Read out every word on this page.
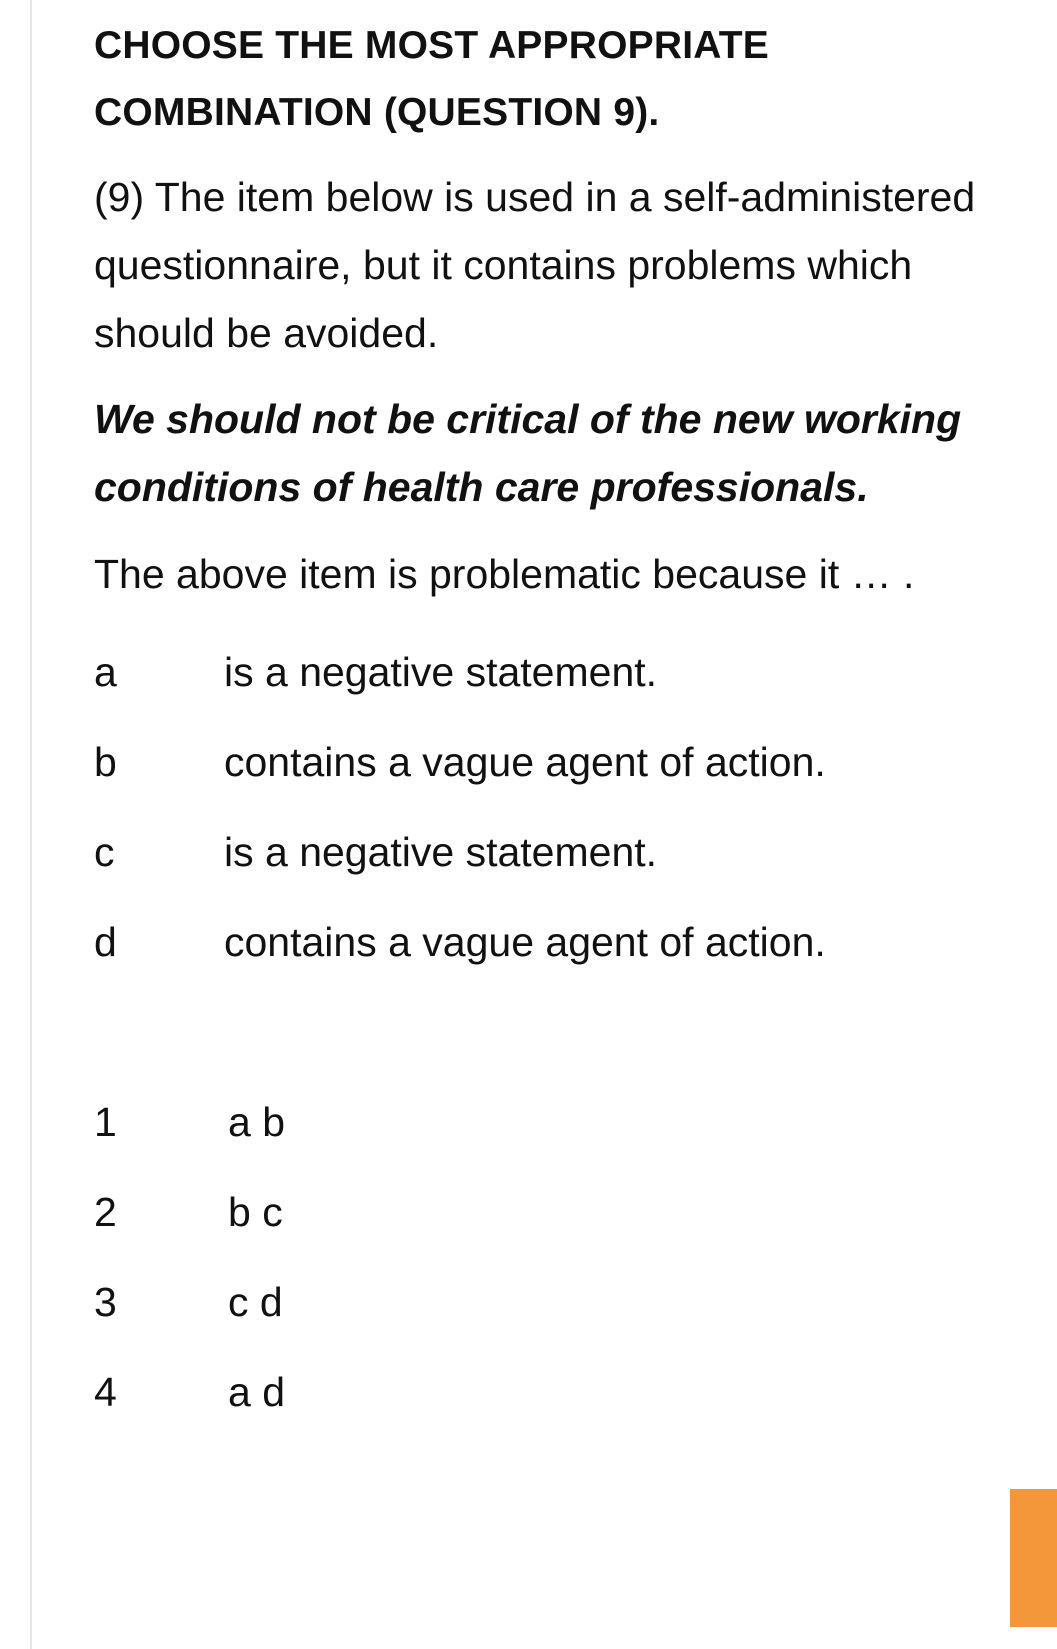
CHOOSE THE MOST APPROPRIATE
COMBINATION (QUESTION 9).

(9) The item below is used in a self-administered questionnaire, but it contains problems which should be avoided.

We should not be critical of the new working conditions of health care professionals.

The above item is problematic because it … .

a	is a negative statement.
b	contains a vague agent of action.
c	is a negative statement.
d	contains a vague agent of action.
1	a b
2	b c
3	c d
4	a d
